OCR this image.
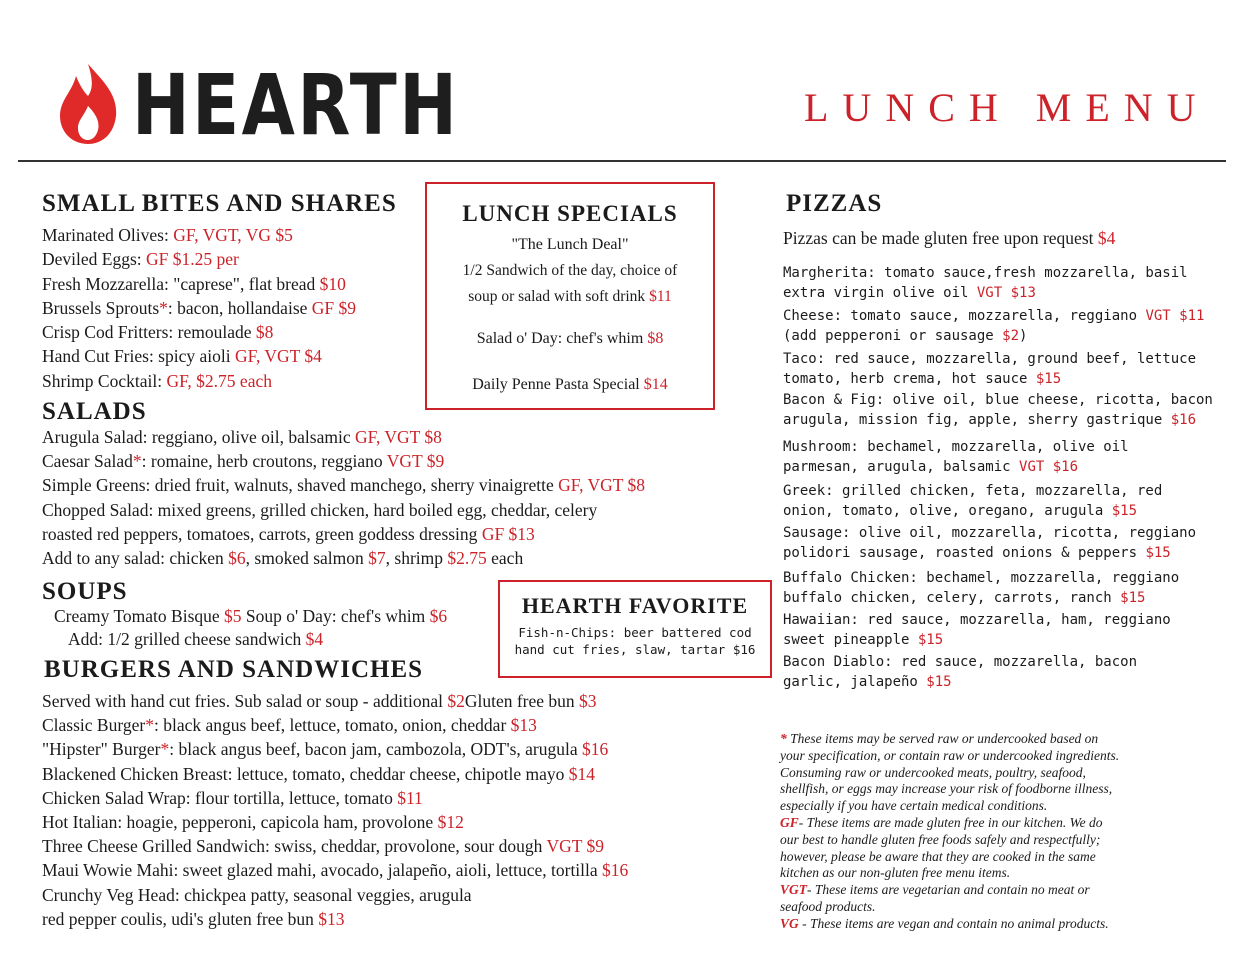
HEARTH	LUNCH MENU
SMALL BITES AND SHARES
Marinated Olives: GF, VGT, VG $5
Deviled Eggs: GF $1.25 per
Fresh Mozzarella: "caprese", flat bread $10
Brussels Sprouts*: bacon, hollandaise GF $9
Crisp Cod Fritters: remoulade $8
Hand Cut Fries: spicy aioli GF, VGT $4
Shrimp Cocktail: GF, $2.75 each
SALADS
Arugula Salad: reggiano, olive oil, balsamic GF, VGT $8
Caesar Salad*: romaine, herb croutons, reggiano VGT $9
Simple Greens: dried fruit, walnuts, shaved manchego, sherry vinaigrette GF, VGT $8
Chopped Salad: mixed greens, grilled chicken, hard boiled egg, cheddar, celery
roasted red peppers, tomatoes, carrots, green goddess dressing GF $13
Add to any salad: chicken $6, smoked salmon $7, shrimp $2.75 each
SOUPS
Creamy Tomato Bisque $5 Soup o' Day: chef's whim $6
Add: 1/2 grilled cheese sandwich $4
BURGERS AND SANDWICHES
Served with hand cut fries. Sub salad or soup - additional $2Gluten free bun $3
Classic Burger*: black angus beef, lettuce, tomato, onion, cheddar $13
"Hipster" Burger*: black angus beef, bacon jam, cambozola, ODT's, arugula $16
Blackened Chicken Breast: lettuce, tomato, cheddar cheese, chipotle mayo $14
Chicken Salad Wrap: flour tortilla, lettuce, tomato $11
Hot Italian: hoagie, pepperoni, capicola ham, provolone $12
Three Cheese Grilled Sandwich: swiss, cheddar, provolone, sour dough VGT $9
Maui Wowie Mahi: sweet glazed mahi, avocado, jalapeño, aioli, lettuce, tortilla $16
Crunchy Veg Head: chickpea patty, seasonal veggies, arugula
red pepper coulis, udi's gluten free bun $13
LUNCH SPECIALS
"The Lunch Deal"
1/2 Sandwich of the day, choice of
soup or salad with soft drink $11
Salad o' Day: chef's whim $8
Daily Penne Pasta Special $14
HEARTH FAVORITE
Fish-n-Chips: beer battered cod
hand cut fries, slaw, tartar $16
PIZZAS
Pizzas can be made gluten free upon request $4
Margherita: tomato sauce,fresh mozzarella, basil
extra virgin olive oil VGT $13
Cheese: tomato sauce, mozzarella, reggiano VGT $11
(add pepperoni or sausage $2)
Taco: red sauce, mozzarella, ground beef, lettuce
tomato, herb crema, hot sauce $15
Bacon & Fig: olive oil, blue cheese, ricotta, bacon
arugula, mission fig, apple, sherry gastrique $16
Mushroom: bechamel, mozzarella, olive oil
parmesan, arugula, balsamic VGT $16
Greek: grilled chicken, feta, mozzarella, red
onion, tomato, olive, oregano, arugula $15
Sausage: olive oil, mozzarella, ricotta, reggiano
polidori sausage, roasted onions & peppers $15
Buffalo Chicken: bechamel, mozzarella, reggiano
buffalo chicken, celery, carrots, ranch $15
Hawaiian: red sauce, mozzarella, ham, reggiano
sweet pineapple $15
Bacon Diablo: red sauce, mozzarella, bacon
garlic, jalapeño $15
* These items may be served raw or undercooked based on
your specification, or contain raw or undercooked ingredients.
Consuming raw or undercooked meats, poultry, seafood,
shellfish, or eggs may increase your risk of foodborne illness,
especially if you have certain medical conditions.
GF- These items are made gluten free in our kitchen. We do
our best to handle gluten free foods safely and respectfully;
however, please be aware that they are cooked in the same
kitchen as our non-gluten free menu items.
VGT- These items are vegetarian and contain no meat or
seafood products.
VG - These items are vegan and contain no animal products.
